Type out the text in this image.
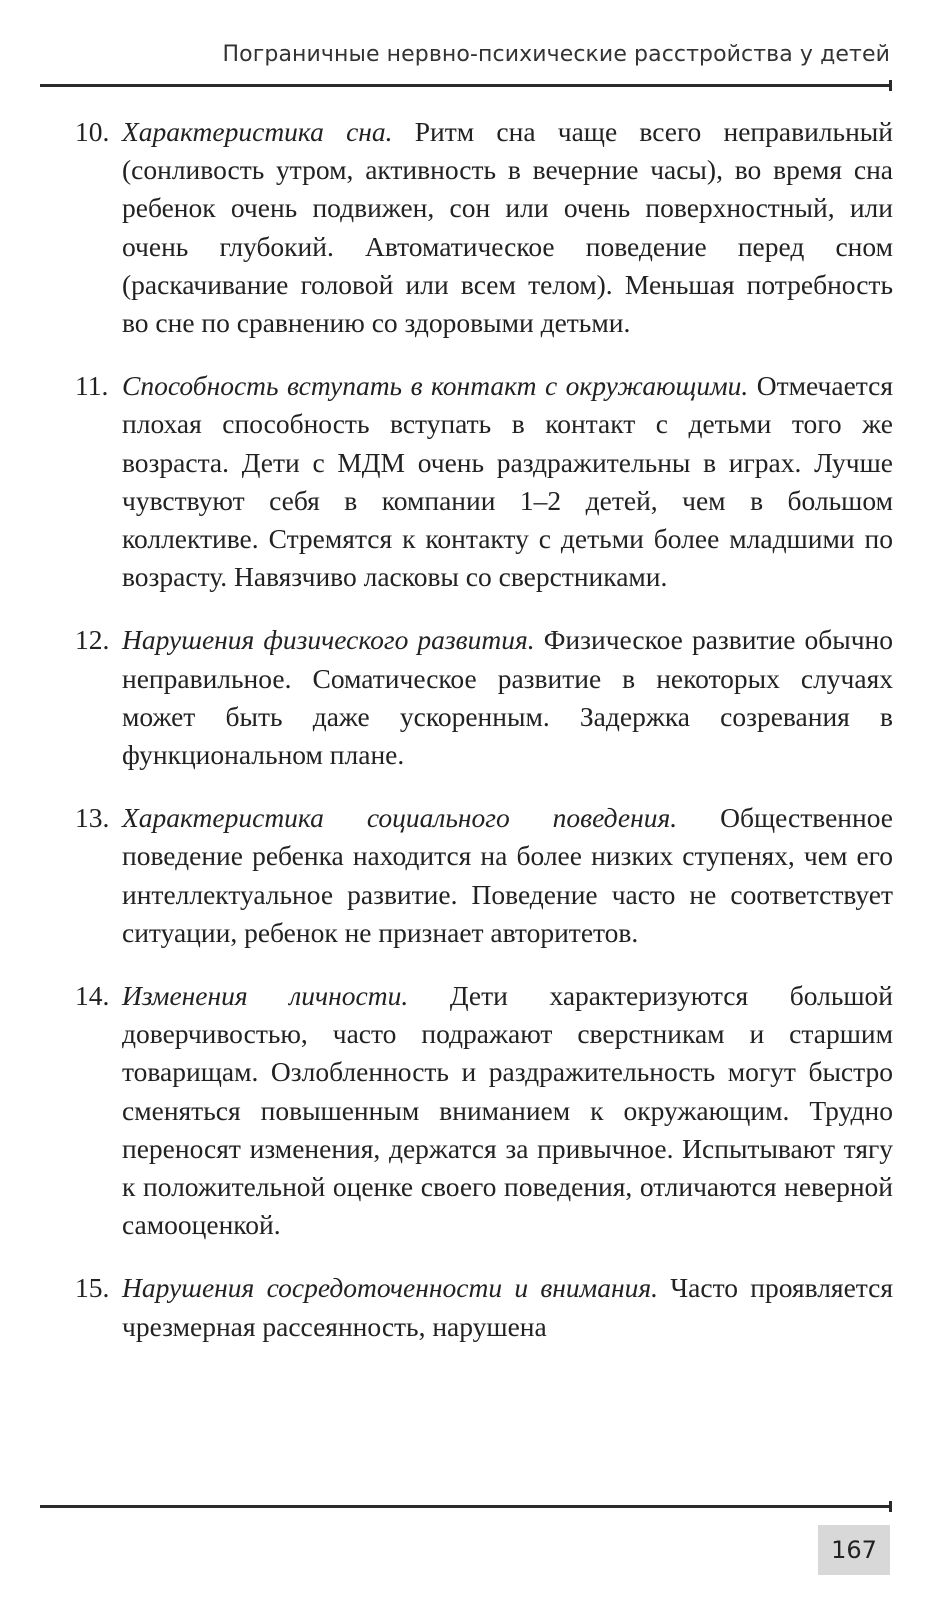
Пограничные нервно-психические расстройства у детей
10. Характеристика сна. Ритм сна чаще всего неправильный (сонливость утром, активность в вечерние часы), во время сна ребенок очень подвижен, сон или очень поверхностный, или очень глубокий. Автоматическое поведение перед сном (раскачивание головой или всем телом). Меньшая потребность во сне по сравнению со здоровыми детьми.
11. Способность вступать в контакт с окружающими. Отмечается плохая способность вступать в контакт с детьми того же возраста. Дети с МДМ очень раздражительны в играх. Лучше чувствуют себя в компании 1–2 детей, чем в большом коллективе. Стремятся к контакту с детьми более младшими по возрасту. Навязчиво ласковы со сверстниками.
12. Нарушения физического развития. Физическое развитие обычно неправильное. Соматическое развитие в некоторых случаях может быть даже ускоренным. Задержка созревания в функциональном плане.
13. Характеристика социального поведения. Общественное поведение ребенка находится на более низких ступенях, чем его интеллектуальное развитие. Поведение часто не соответствует ситуации, ребенок не признает авторитетов.
14. Изменения личности. Дети характеризуются большой доверчивостью, часто подражают сверстникам и старшим товарищам. Озлобленность и раздражительность могут быстро сменяться повышенным вниманием к окружающим. Трудно переносят изменения, держатся за привычное. Испытывают тягу к положительной оценке своего поведения, отличаются неверной самооценкой.
15. Нарушения сосредоточенности и внимания. Часто проявляется чрезмерная рассеянность, нарушена
167
